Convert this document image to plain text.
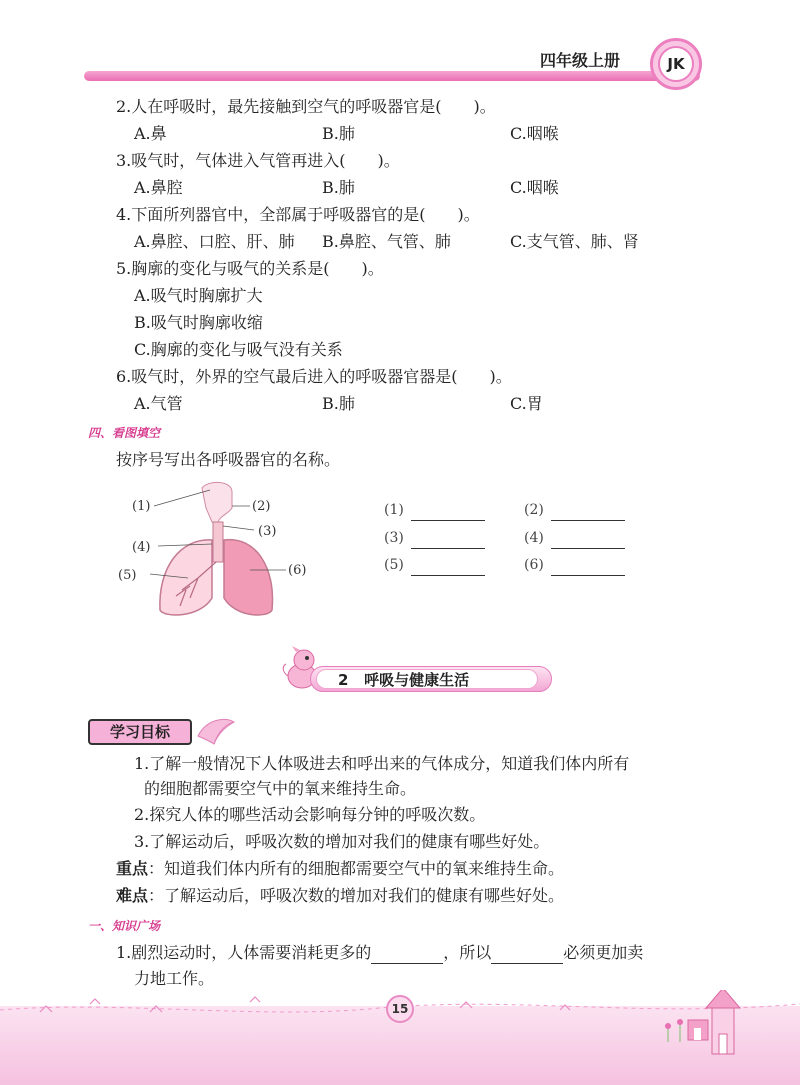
四年级上册	JK
2.人在呼吸时，最先接触到空气的呼吸器官是(　　)。
A.鼻	B.肺	C.咽喉
3.吸气时，气体进入气管再进入(　　)。
A.鼻腔	B.肺	C.咽喉
4.下面所列器官中，全部属于呼吸器官的是(　　)。
A.鼻腔、口腔、肝、肺 B.鼻腔、气管、肺	C.支气管、肺、肾
5.胸廓的变化与吸气的关系是(　　)。
A.吸气时胸廓扩大
B.吸气时胸廓收缩
C.胸廓的变化与吸气没有关系
6.吸气时，外界的空气最后进入的呼吸器官器是(　　)。
A.气管	B.肺	C.胃
四、看图填空
按序号写出各呼吸器官的名称。
(1)	(2)
(3)
(4)
(5)	(6)
(1)	(2)
(3)	(4)
(5)	(6)
2 呼吸与健康生活
学习目标
1.了解一般情况下人体吸进去和呼出来的气体成分，知道我们体内所有
的细胞都需要空气中的氧来维持生命。
2.探究人体的哪些活动会影响每分钟的呼吸次数。
3.了解运动后，呼吸次数的增加对我们的健康有哪些好处。
重点：知道我们体内所有的细胞都需要空气中的氧来维持生命。
难点：了解运动后，呼吸次数的增加对我们的健康有哪些好处。
一、知识广场
1.剧烈运动时，人体需要消耗更多的	，所以	必须更加卖
力地工作。
15
